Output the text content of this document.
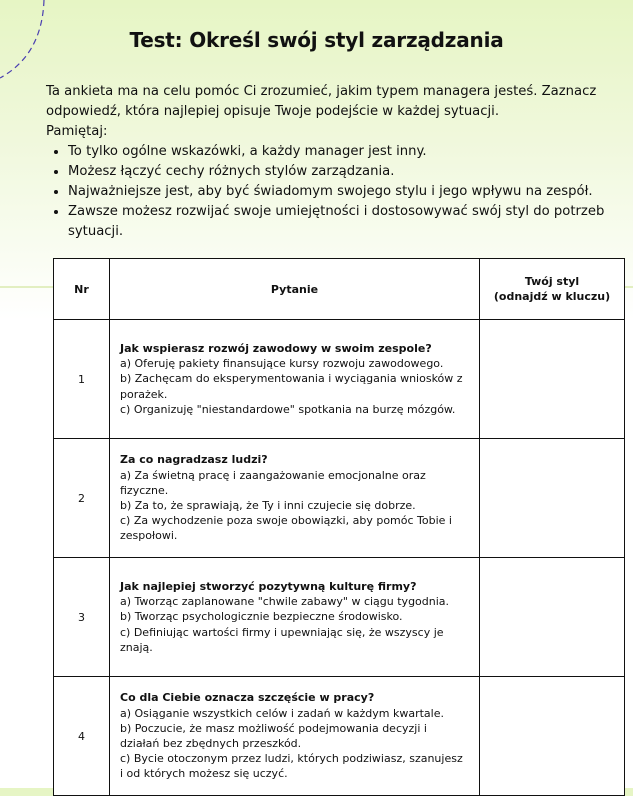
Test: Określ swój styl zarządzania

Ta ankieta ma na celu pomóc Ci zrozumieć, jakim typem managera jesteś. Zaznacz odpowiedź, która najlepiej opisuje Twoje podejście w każdej sytuacji.

Pamiętaj:

• To tylko ogólne wskazówki, a każdy manager jest inny.
• Możesz łączyć cechy różnych stylów zarządzania.
• Najważniejsze jest, aby być świadomym swojego stylu i jego wpływu na zespół.
• Zawsze możesz rozwijać swoje umiejętności i dostosowywać swój styl do potrzeb sytuacji.
Nr	Pytanie	Twój styl
(odnajdź w kluczu)

1	Jak wspierasz rozwój zawodowy w swoim zespole?
a) Oferuję pakiety finansujące kursy rozwoju zawodowego.
b) Zachęcam do eksperymentowania i wyciągania wniosków z porażek.
c) Organizuję "niestandardowe" spotkania na burzę mózgów.	

2	Za co nagradzasz ludzi?
a) Za świetną pracę i zaangażowanie emocjonalne oraz fizyczne.
b) Za to, że sprawiają, że Ty i inni czujecie się dobrze.
c) Za wychodzenie poza swoje obowiązki, aby pomóc Tobie i zespołowi.	

3	Jak najlepiej stworzyć pozytywną kulturę firmy?
a) Tworząc zaplanowane "chwile zabawy" w ciągu tygodnia.
b) Tworząc psychologicznie bezpieczne środowisko.
c) Definiując wartości firmy i upewniając się, że wszyscy je znają.	

4	Co dla Ciebie oznacza szczęście w pracy?
a) Osiąganie wszystkich celów i zadań w każdym kwartale.
b) Poczucie, że masz możliwość podejmowania decyzji i działań bez zbędnych przeszkód.
c) Bycie otoczonym przez ludzi, których podziwiasz, szanujesz i od których możesz się uczyć.	
